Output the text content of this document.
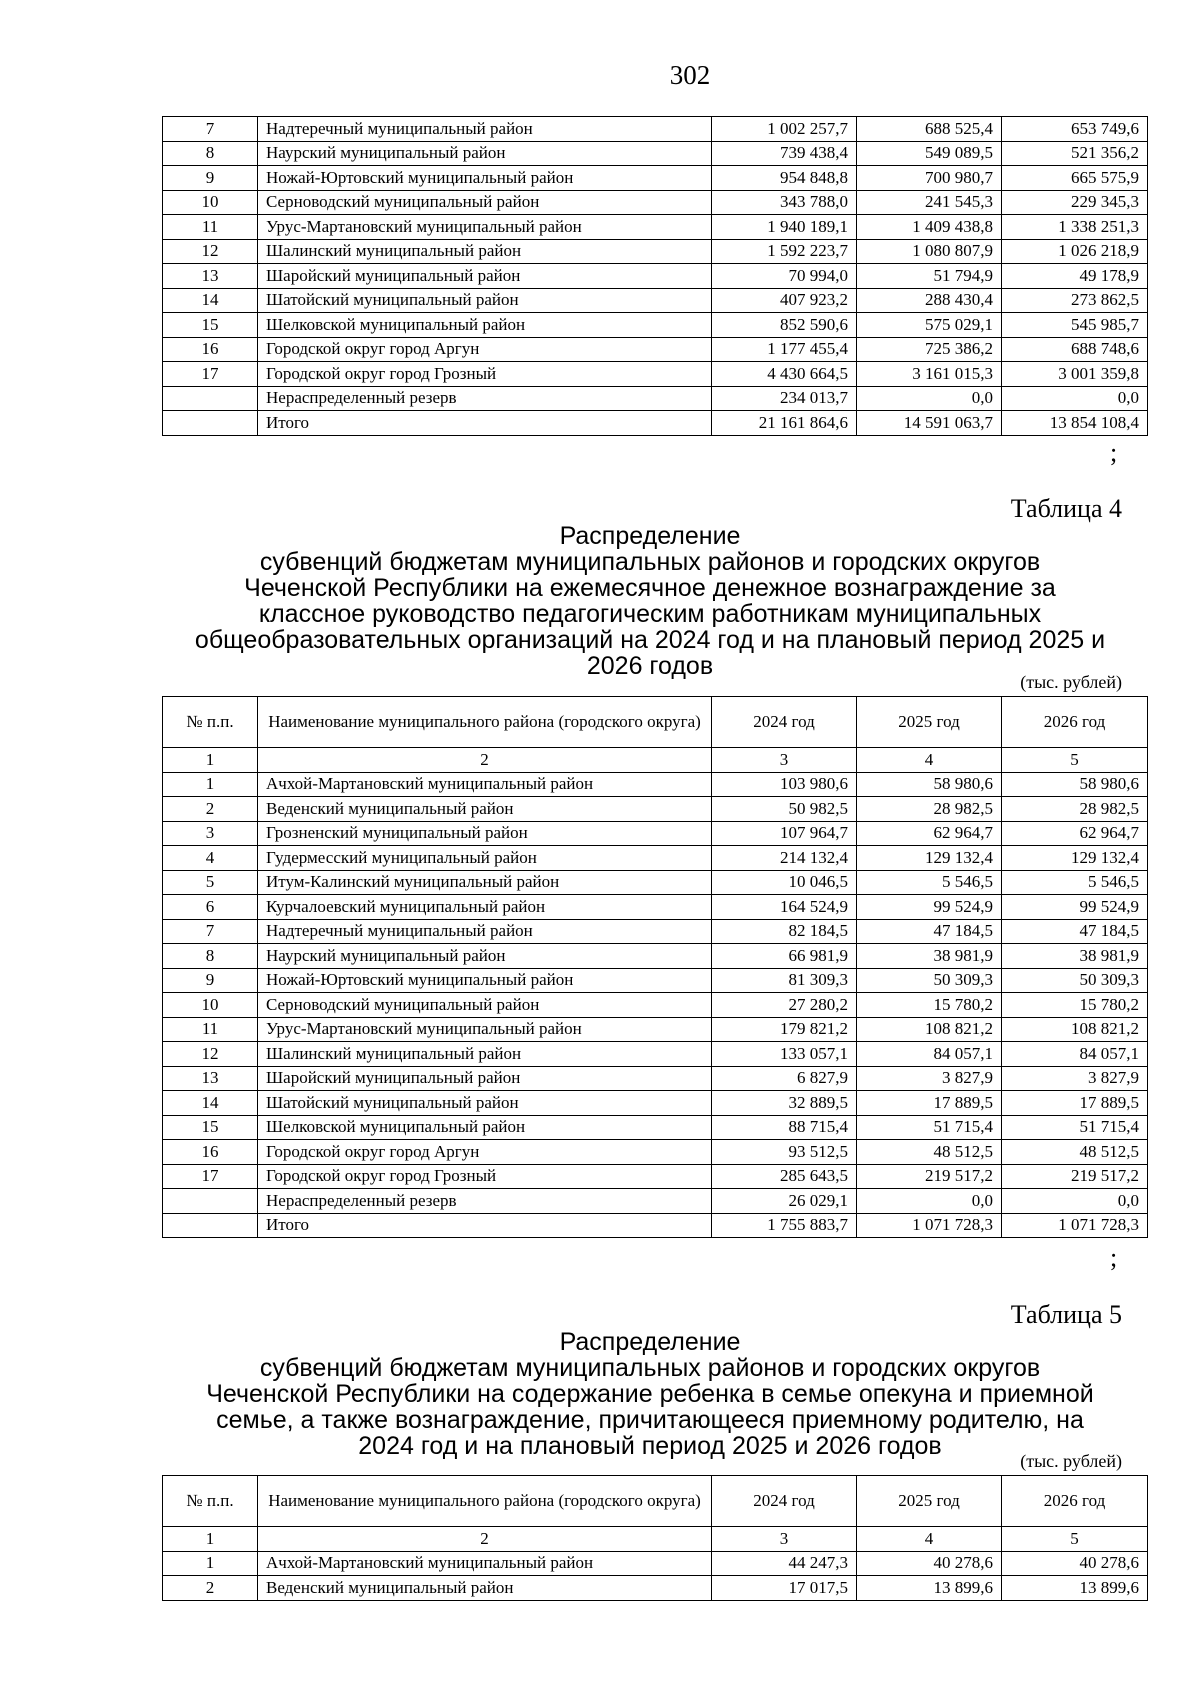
302
7	Надтеречный муниципальный район	1 002 257,7	688 525,4	653 749,6
8	Наурский муниципальный район	739 438,4	549 089,5	521 356,2
9	Ножай-Юртовский муниципальный район	954 848,8	700 980,7	665 575,9
10	Серноводский муниципальный район	343 788,0	241 545,3	229 345,3
11	Урус-Мартановский муниципальный район	1 940 189,1	1 409 438,8	1 338 251,3
12	Шалинский муниципальный район	1 592 223,7	1 080 807,9	1 026 218,9
13	Шаройский муниципальный район	70 994,0	51 794,9	49 178,9
14	Шатойский муниципальный район	407 923,2	288 430,4	273 862,5
15	Шелковской муниципальный район	852 590,6	575 029,1	545 985,7
16	Городской округ город Аргун	1 177 455,4	725 386,2	688 748,6
17	Городской округ город Грозный	4 430 664,5	3 161 015,3	3 001 359,8
	Нераспределенный резерв	234 013,7	0,0	0,0
	Итого	21 161 864,6	14 591 063,7	13 854 108,4
;
Таблица 4
Распределение
субвенций бюджетам муниципальных районов и городских округов
Чеченской Республики на ежемесячное денежное вознаграждение за
классное руководство педагогическим работникам муниципальных
общеобразовательных организаций на 2024 год и на плановый период 2025 и
2026 годов
(тыс. рублей)
№ п.п.	Наименование муниципального района (городского округа)	2024 год	2025 год	2026 год
1	2	3	4	5
1	Ачхой-Мартановский муниципальный район	103 980,6	58 980,6	58 980,6
2	Веденский муниципальный район	50 982,5	28 982,5	28 982,5
3	Грозненский муниципальный район	107 964,7	62 964,7	62 964,7
4	Гудермесский муниципальный район	214 132,4	129 132,4	129 132,4
5	Итум-Калинский муниципальный район	10 046,5	5 546,5	5 546,5
6	Курчалоевский муниципальный район	164 524,9	99 524,9	99 524,9
7	Надтеречный муниципальный район	82 184,5	47 184,5	47 184,5
8	Наурский муниципальный район	66 981,9	38 981,9	38 981,9
9	Ножай-Юртовский муниципальный район	81 309,3	50 309,3	50 309,3
10	Серноводский муниципальный район	27 280,2	15 780,2	15 780,2
11	Урус-Мартановский муниципальный район	179 821,2	108 821,2	108 821,2
12	Шалинский муниципальный район	133 057,1	84 057,1	84 057,1
13	Шаройский муниципальный район	6 827,9	3 827,9	3 827,9
14	Шатойский муниципальный район	32 889,5	17 889,5	17 889,5
15	Шелковской муниципальный район	88 715,4	51 715,4	51 715,4
16	Городской округ город Аргун	93 512,5	48 512,5	48 512,5
17	Городской округ город Грозный	285 643,5	219 517,2	219 517,2
	Нераспределенный резерв	26 029,1	0,0	0,0
	Итого	1 755 883,7	1 071 728,3	1 071 728,3
;
Таблица 5
Распределение
субвенций бюджетам муниципальных районов и городских округов
Чеченской Республики на содержание ребенка в семье опекуна и приемной
семье, а также вознаграждение, причитающееся приемному родителю, на
2024 год и на плановый период 2025 и 2026 годов
(тыс. рублей)
№ п.п.	Наименование муниципального района (городского округа)	2024 год	2025 год	2026 год
1	2	3	4	5
1	Ачхой-Мартановский муниципальный район	44 247,3	40 278,6	40 278,6
2	Веденский муниципальный район	17 017,5	13 899,6	13 899,6
